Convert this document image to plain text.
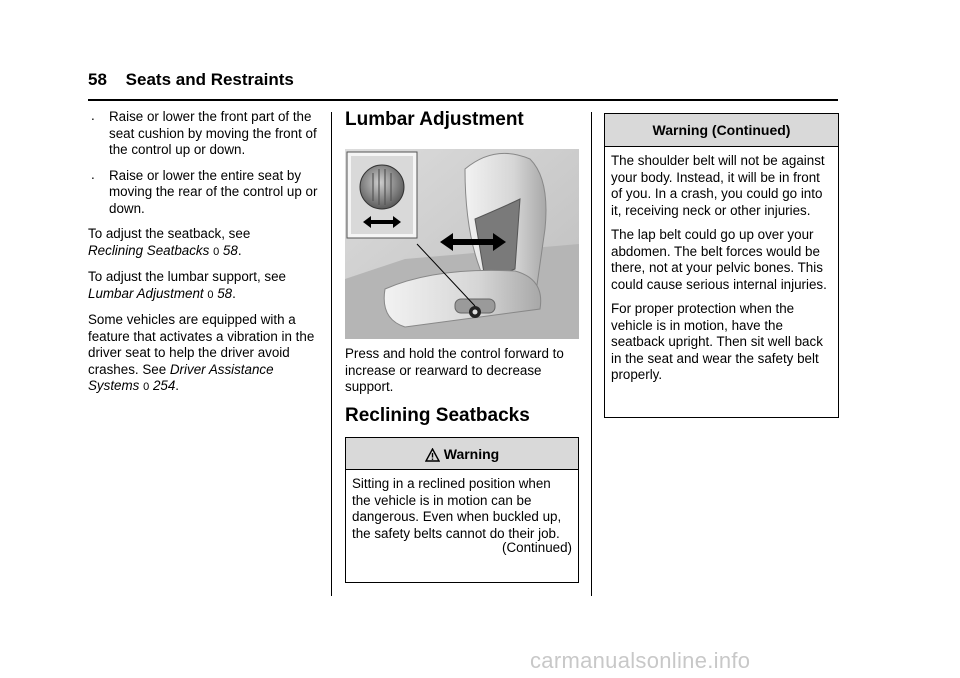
58 Seats and Restraints
. Raise or lower the front part of the seat cushion by moving the front of the control up or down.
. Raise or lower the entire seat by moving the rear of the control up or down.

To adjust the seatback, see
Reclining Seatbacks 0 58.

To adjust the lumbar support, see
Lumbar Adjustment 0 58.

Some vehicles are equipped with a feature that activates a vibration in the driver seat to help the driver avoid crashes. See Driver Assistance Systems 0 254.

Lumbar Adjustment
Press and hold the control forward to increase or rearward to decrease support.
Reclining Seatbacks
Warning

Sitting in a reclined position when the vehicle is in motion can be dangerous. Even when buckled up, the safety belts cannot do their job.

(Continued)
Warning (Continued)

The shoulder belt will not be against your body. Instead, it will be in front of you. In a crash, you could go into it, receiving neck or other injuries.

The lap belt could go up over your abdomen. The belt forces would be there, not at your pelvic bones. This could cause serious internal injuries.

For proper protection when the vehicle is in motion, have the seatback upright. Then sit well back in the seat and wear the safety belt properly.

carmanualsonline.info
